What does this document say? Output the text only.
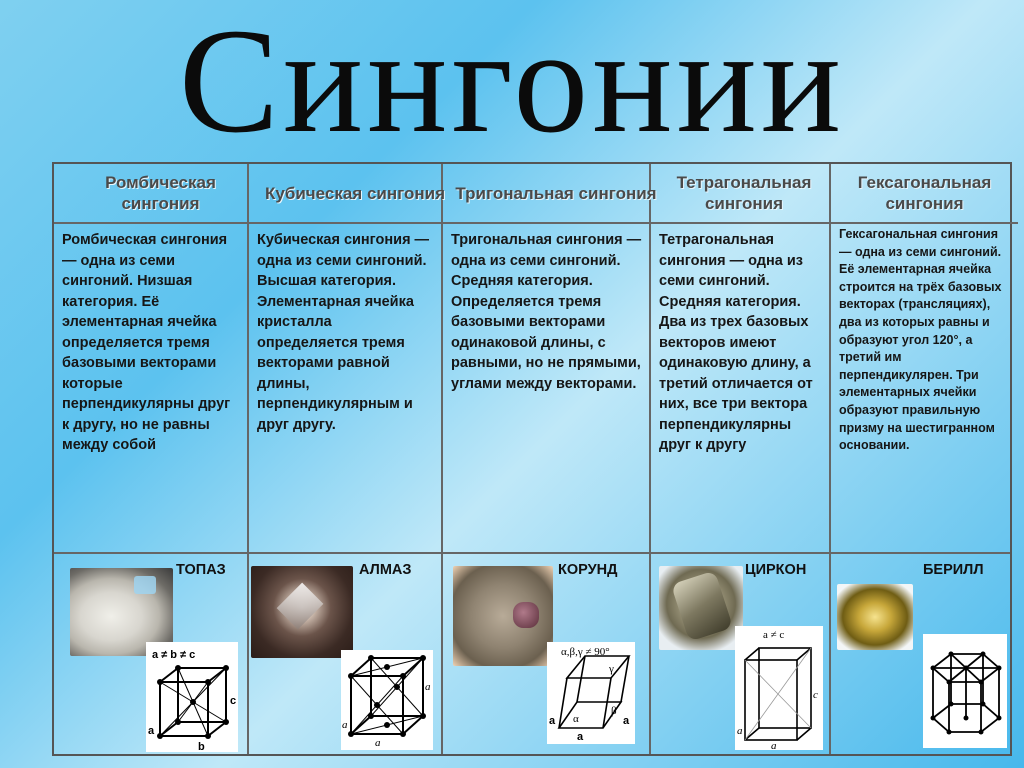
Сингонии
Ромбическая сингония
Ромбическая сингония — одна из семи сингоний. Низшая категория. Её элементарная ячейка определяется тремя базовыми векторами которые перпендикулярны друг к другу, но не равны между собой
ТОПАЗ
a ≠ b ≠ c
a
b
c
Кубическая сингония
Кубическая сингония — одна из семи сингоний. Высшая категория. Элементарная ячейка кристалла определяется тремя векторами равной длины, перпендикулярным и друг другу.
АЛМАЗ
a
a
a
Тригональная сингония
Тригональная сингония — одна из семи сингоний. Средняя категория. Определяется тремя базовыми векторами одинаковой длины, с равными, но не прямыми, углами между векторами.
КОРУНД
α,β,γ ≠ 90°
α
β
γ
a
a
a
Тетрагональная сингония
Тетрагональная сингония — одна из семи сингоний. Средняя категория. Два из трех базовых векторов имеют одинаковую длину, а третий отличается от них, все три вектора перпендикулярны друг к другу
ЦИРКОН
a ≠ c
a
a
c
Гексагональная сингония
Гексагональная сингония — одна из семи сингоний. Её элементарная ячейка строится на трёх базовых векторах (трансляциях), два из которых равны и образуют угол 120°, а третий им перпендикулярен. Три элементарных ячейки образуют правильную призму на шестигранном основании.
БЕРИЛЛ
